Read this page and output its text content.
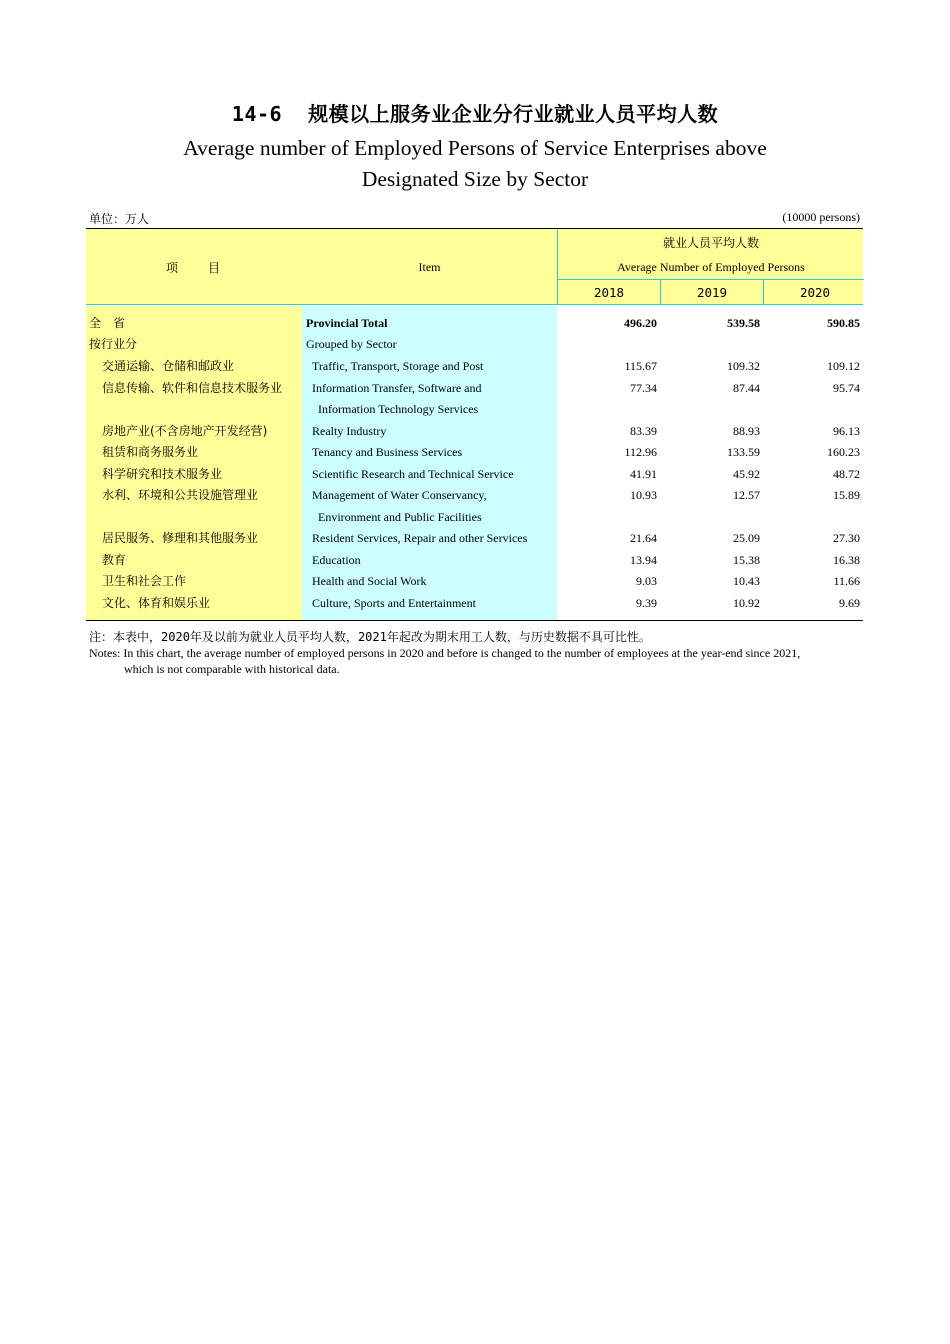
14-6 规模以上服务业企业分行业就业人员平均人数
Average number of Employed Persons of Service Enterprises above
Designated Size by Sector
单位：万人	(10000 persons)
项　　目	Item
就业人员平均人数
Average Number of Employed Persons
2018	2019	2020
全　省	Provincial Total	496.20	539.58	590.85
按行业分	Grouped by Sector
交通运输、仓储和邮政业	Traffic, Transport, Storage and Post	115.67	109.32	109.12
信息传输、软件和信息技术服务业	Information Transfer, Software and	77.34	87.44	95.74
Information Technology Services
房地产业(不含房地产开发经营)	Realty Industry	83.39	88.93	96.13
租赁和商务服务业	Tenancy and Business Services	112.96	133.59	160.23
科学研究和技术服务业	Scientific Research and Technical Service	41.91	45.92	48.72
水利、环境和公共设施管理业	Management of Water Conservancy,	10.93	12.57	15.89
Environment and Public Facilities
居民服务、修理和其他服务业	Resident Services, Repair and other Services	21.64	25.09	27.30
教育	Education	13.94	15.38	16.38
卫生和社会工作	Health and Social Work	9.03	10.43	11.66
文化、体育和娱乐业	Culture, Sports and Entertainment	9.39	10.92	9.69
注：本表中，2020年及以前为就业人员平均人数，2021年起改为期末用工人数，与历史数据不具可比性。
Notes: In this chart, the average number of employed persons in 2020 and before is changed to the number of employees at the year-end since 2021,
which is not comparable with historical data.
